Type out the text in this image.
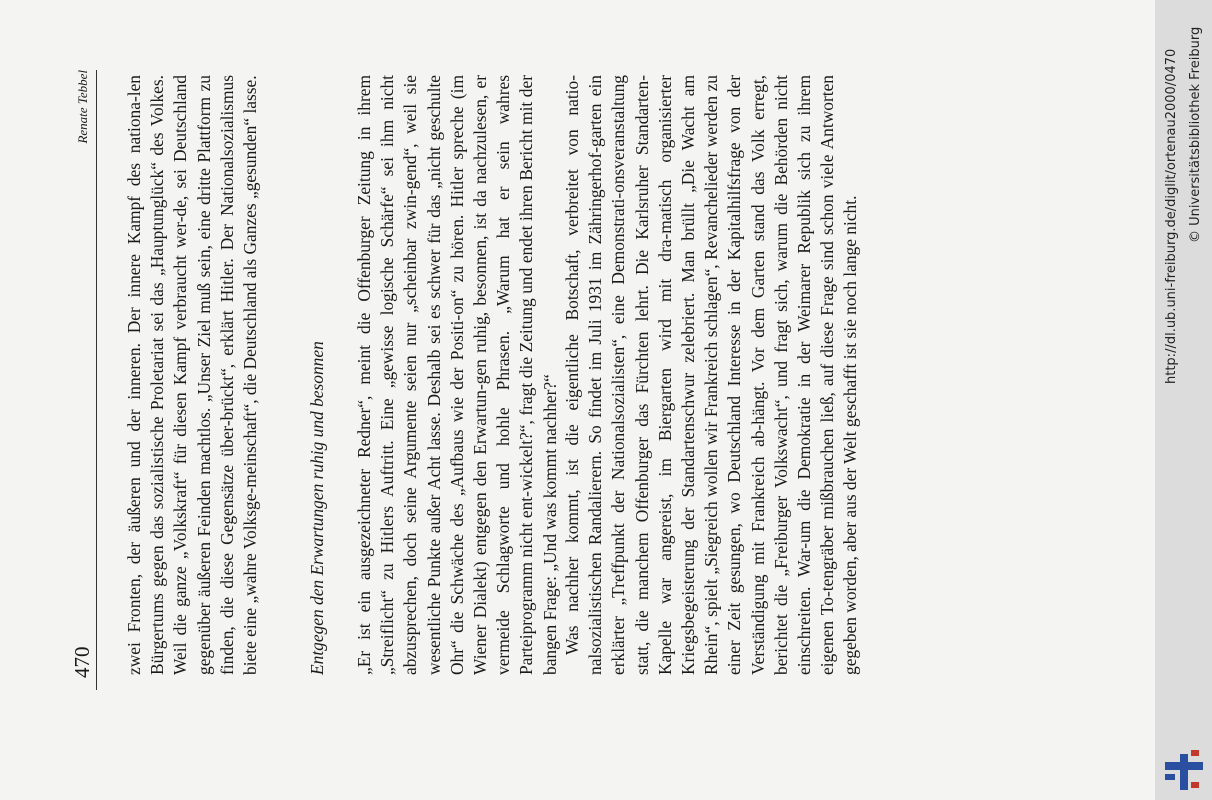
470
Renate Tebbel zwei Fronten, der äußeren und der inneren. Der innere Kampf des nationa-len Bürgertums gegen das sozialistische Proletariat sei das „Hauptunglück“ des Volkes. Weil die ganze „Volkskraft“ für diesen Kampf verbraucht wer-de, sei Deutschland gegenüber äußeren Feinden machtlos. „Unser Ziel muß sein, eine dritte Plattform zu finden, die diese Gegensätze über-brückt“, erklärt Hitler. Der Nationalsozialismus biete eine „wahre Volksge-meinschaft“, die Deutschland als Ganzes „gesunden“ lasse.	Entgegen den Erwartungen ruhig und besonnen „Er ist ein ausgezeichneter Redner“, meint die Offenburger Zeitung in ihrem „Streiflicht“ zu Hitlers Auftritt. Eine „gewisse logische Schärfe“ sei ihm nicht abzusprechen, doch seine Argumente seien nur „scheinbar zwin-gend“, weil sie wesentliche Punkte außer Acht lasse. Deshalb sei es schwer für das „nicht geschulte Ohr“ die Schwäche des „Aufbaus wie der Positi-on“ zu hören. Hitler spreche (im Wiener Dialekt) entgegen den Erwartun-gen ruhig, besonnen, ist da nachzulesen, er vermeide Schlagworte und hohle Phrasen. „Warum hat er sein wahres Parteiprogramm nicht ent-wickelt?“, fragt die Zeitung und endet ihren Bericht mit der bangen Frage: „Und was kommt nachher?“ Was nachher kommt, ist die eigentliche Botschaft, verbreitet von natio-nalsozialistischen Randalierern. So findet im Juli 1931 im Zähringerhof-garten ein erklärter „Treffpunkt der Nationalsozialisten“, eine Demonstrati-onsveranstaltung statt, die manchem Offenburger das Fürchten lehrt. Die Karlsruher Standarten-Kapelle war angereist, im Biergarten wird mit dra-matisch organisierter Kriegsbegeisterung der Standartenschwur zelebriert. Man brüllt „Die Wacht am Rhein“, spielt „Siegreich wollen wir Frankreich schlagen“, Revanchelieder werden zu einer Zeit gesungen, wo Deutschland Interesse in der Kapitalhilfsfrage von der Verständigung mit Frankreich ab-hängt. Vor dem Garten stand das Volk erregt, berichtet die „Freiburger Volkswacht“, und fragt sich, warum die Behörden nicht einschreiten. War-um die Demokratie in der Weimarer Republik sich zu ihrem eigenen To-tengräber mißbrauchen ließ, auf diese Frage sind schon viele Antworten gegeben worden, aber aus der Welt geschafft ist sie noch lange nicht.	http://dl.ub.uni-freiburg.de/diglit/ortenau2000/0470 © Universitätsbibliothek Freiburg
